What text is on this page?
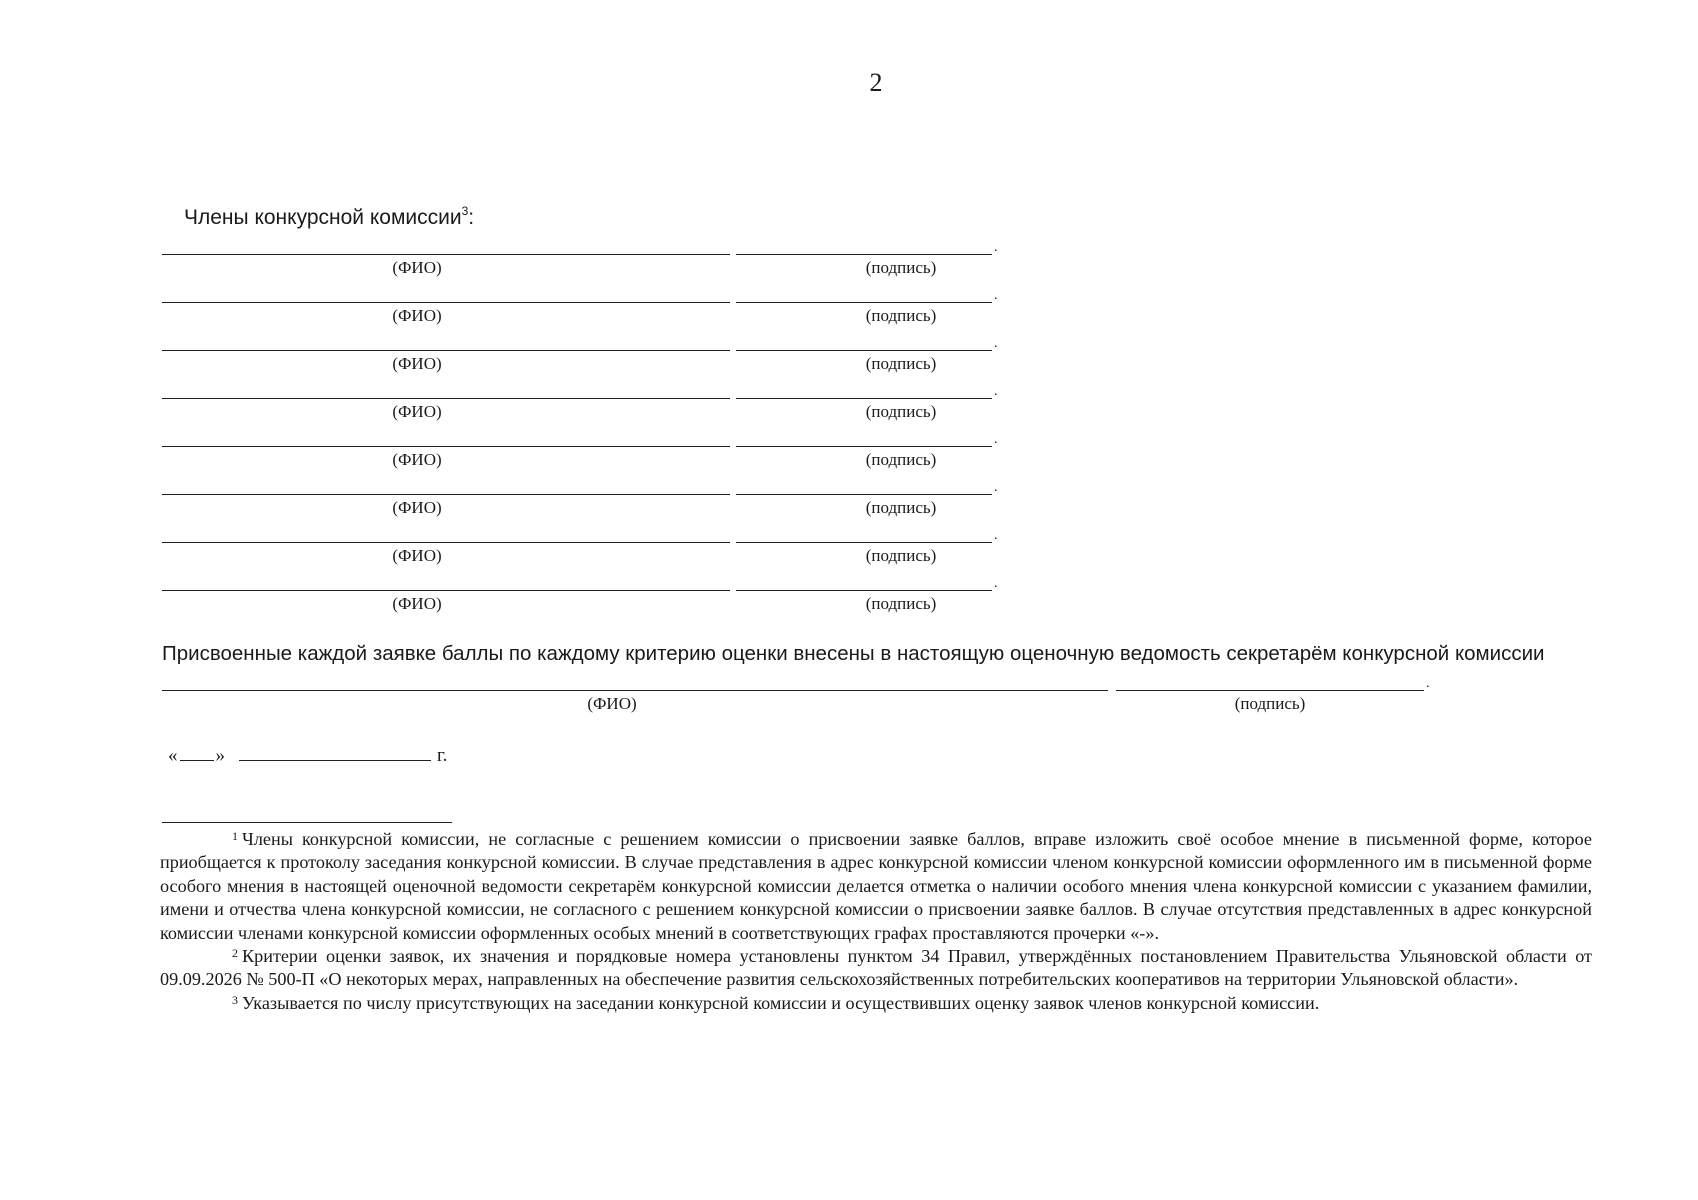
2
Члены конкурсной комиссии$^3$:
.
(ФИО)	(подпись)
.
(ФИО)	(подпись)
.
(ФИО)	(подпись)
.
(ФИО)	(подпись)
.
(ФИО)	(подпись)
.
(ФИО)	(подпись)
.
(ФИО)	(подпись)
.
(ФИО)	(подпись)
Присвоенные каждой заявке баллы по каждому критерию оценки внесены в настоящую оценочную ведомость секретарём конкурсной комиссии
.
(ФИО)	(подпись)
« »	г.

$^1$ Члены конкурсной комиссии, не согласные с решением комиссии о присвоении заявке баллов, вправе изложить своё особое мнение в письменной форме, которое приобщается к протоколу заседания конкурсной комиссии. В случае представления в адрес конкурсной комиссии членом конкурсной комиссии оформленного им в письменной форме особого мнения в настоящей оценочной ведомости секретарём конкурсной комиссии делается отметка о наличии особого мнения члена конкурсной комиссии с указанием фамилии, имени и отчества члена конкурсной комиссии, не согласного с решением конкурсной комиссии о присвоении заявке баллов. В случае отсутствия представленных в адрес конкурсной комиссии членами конкурсной комиссии оформленных особых мнений в соответствующих графах проставляются прочерки «-».

$^2$ Критерии оценки заявок, их значения и порядковые номера установлены пунктом 34 Правил, утверждённых постановлением Правительства Ульяновской области от 09.09.2026 № 500-П «О некоторых мерах, направленных на обеспечение развития сельскохозяйственных потребительских кооперативов на территории Ульяновской области».

$^3$ Указывается по числу присутствующих на заседании конкурсной комиссии и осуществивших оценку заявок членов конкурсной комиссии.
